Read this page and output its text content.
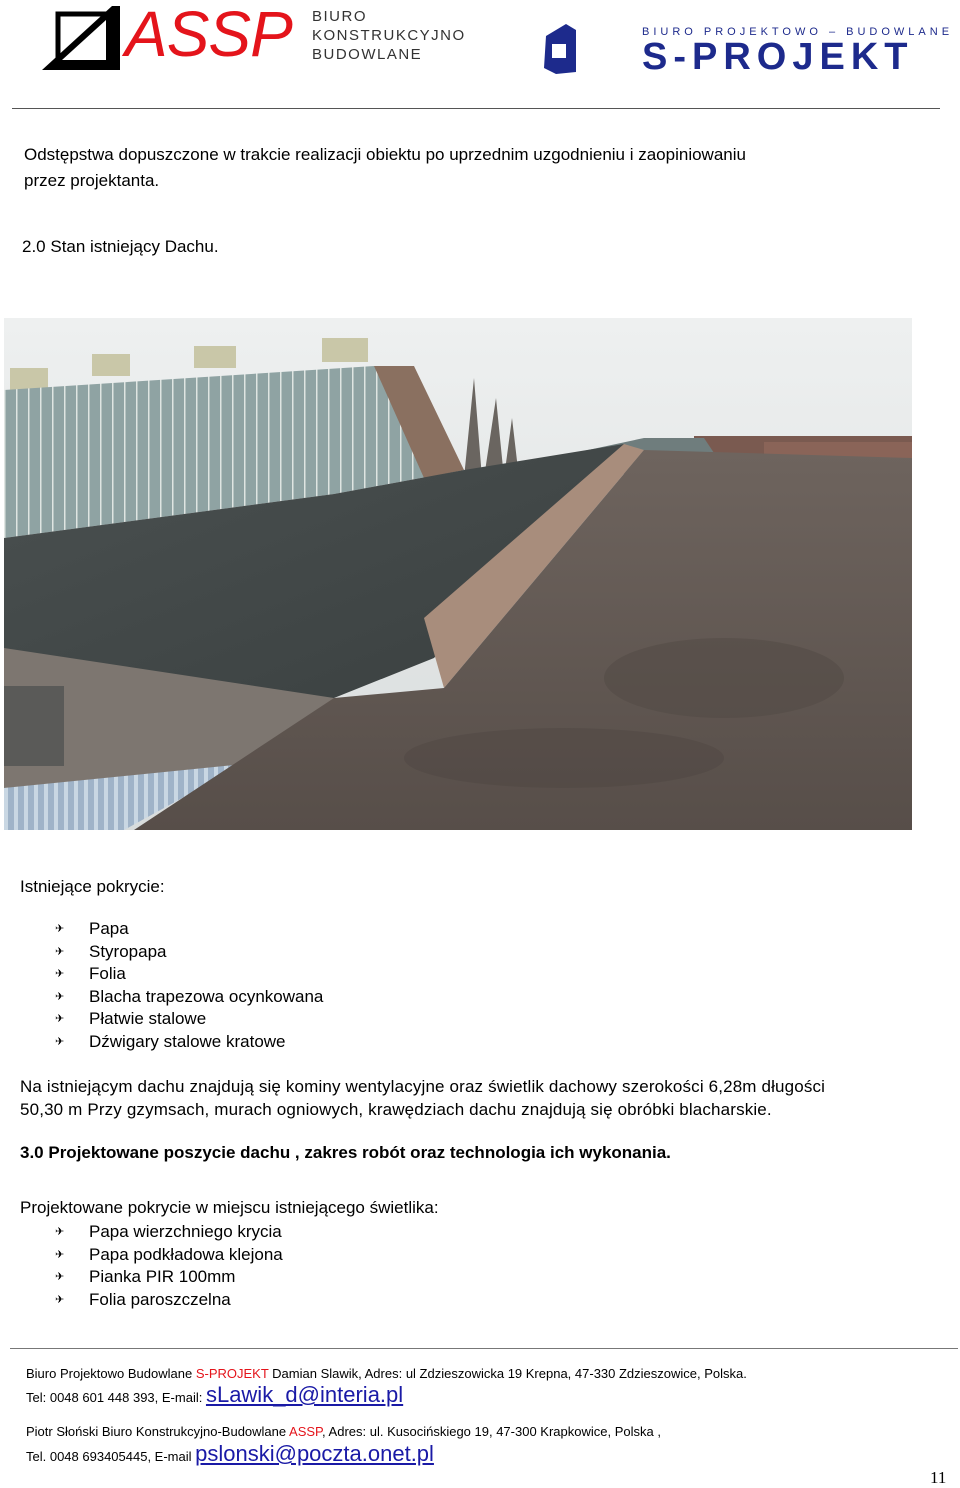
ASSP BIURO
KONSTRUKCYJNO
BUDOWLANE
BIURO PROJEKTOWO – BUDOWLANE
S-PROJEKT
Odstępstwa dopuszczone w trakcie realizacji obiektu po uprzednim uzgodnieniu i zaopiniowaniu
przez projektanta.
2.0 Stan istniejący Dachu.
Istniejące pokrycie:
✈ Papa
✈ Styropapa
✈ Folia
✈ Blacha trapezowa ocynkowana
✈ Płatwie stalowe
✈ Dźwigary stalowe kratowe
Na istniejącym dachu znajdują się kominy wentylacyjne oraz świetlik dachowy szerokości 6,28m długości
50,30 m Przy gzymsach, murach ogniowych, krawędziach dachu znajdują się obróbki blacharskie.
3.0 Projektowane poszycie dachu , zakres robót oraz technologia ich wykonania.
Projektowane pokrycie w miejscu istniejącego świetlika:
✈ Papa wierzchniego krycia
✈ Papa podkładowa klejona
✈ Pianka PIR 100mm
✈ Folia paroszczelna
Biuro Projektowo Budowlane S-PROJEKT Damian Slawik, Adres: ul Zdzieszowicka 19 Krepna, 47-330 Zdzieszowice, Polska.
Tel: 0048 601 448 393, E-mail: sLawik_d@interia.pl
Piotr Słoński Biuro Konstrukcyjno-Budowlane ASSP, Adres: ul. Kusocińskiego 19, 47-300 Krapkowice, Polska ,
Tel. 0048 693405445, E-mail pslonski@poczta.onet.pl
11
